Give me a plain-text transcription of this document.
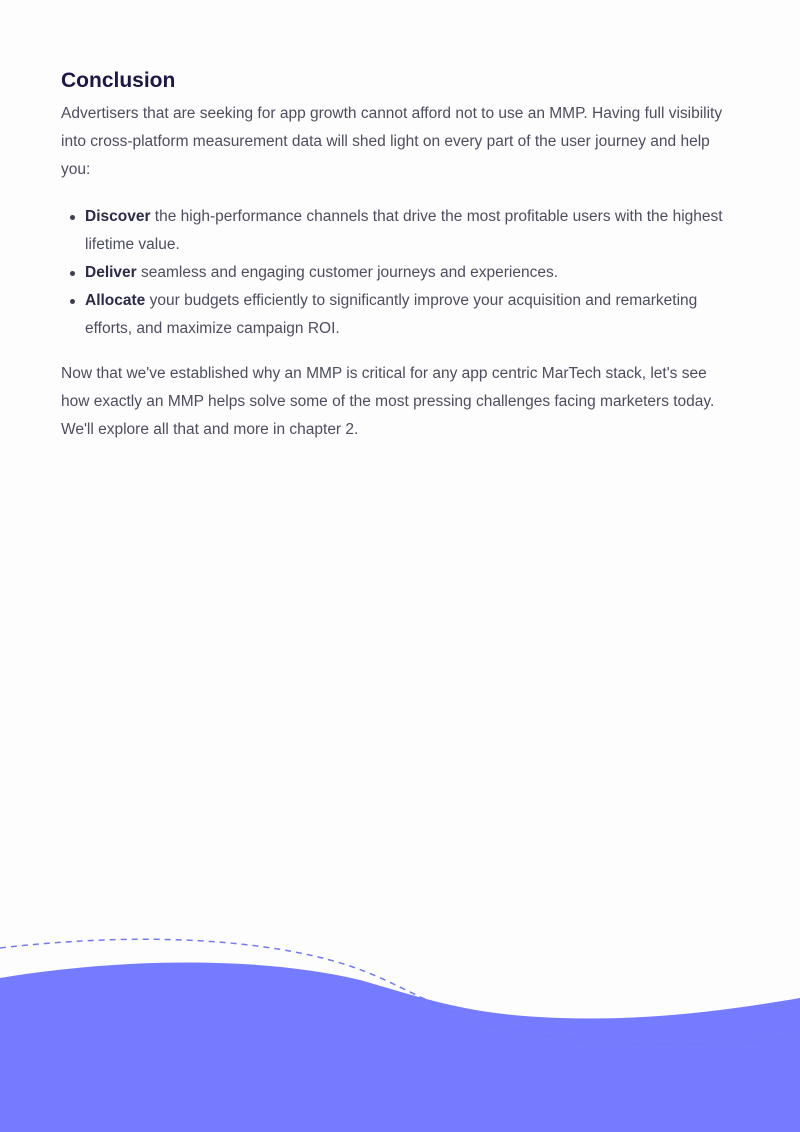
Conclusion

Advertisers that are seeking for app growth cannot afford not to use an MMP. Having full visibility into cross-platform measurement data will shed light on every part of the user journey and help you:

Discover the high-performance channels that drive the most profitable users with the highest lifetime value.
Deliver seamless and engaging customer journeys and experiences.
Allocate your budgets efficiently to significantly improve your acquisition and remarketing efforts, and maximize campaign ROI.

Now that we've established why an MMP is critical for any app centric MarTech stack, let's see how exactly an MMP helps solve some of the most pressing challenges facing marketers today. We'll explore all that and more in chapter 2.
